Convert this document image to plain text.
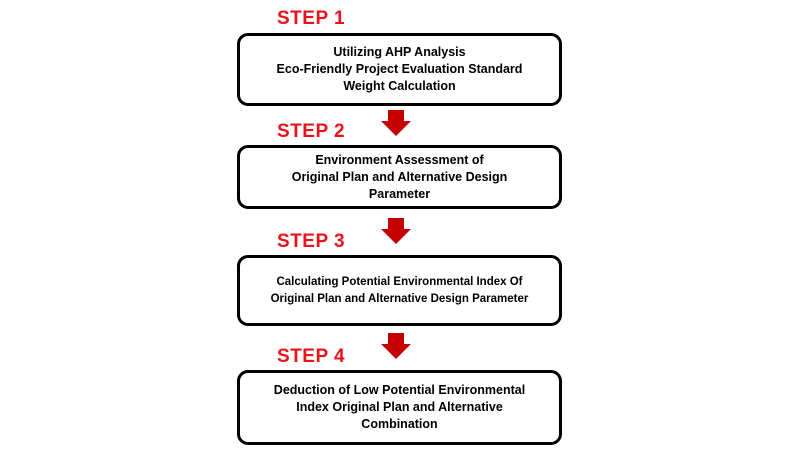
STEP 1
Utilizing AHP Analysis
Eco-Friendly Project Evaluation Standard
Weight Calculation
STEP 2
Environment Assessment of
Original Plan and Alternative Design
Parameter
STEP 3
Calculating Potential Environmental Index Of
Original Plan and Alternative Design Parameter
STEP 4
Deduction of Low Potential Environmental
Index Original Plan and Alternative
Combination
